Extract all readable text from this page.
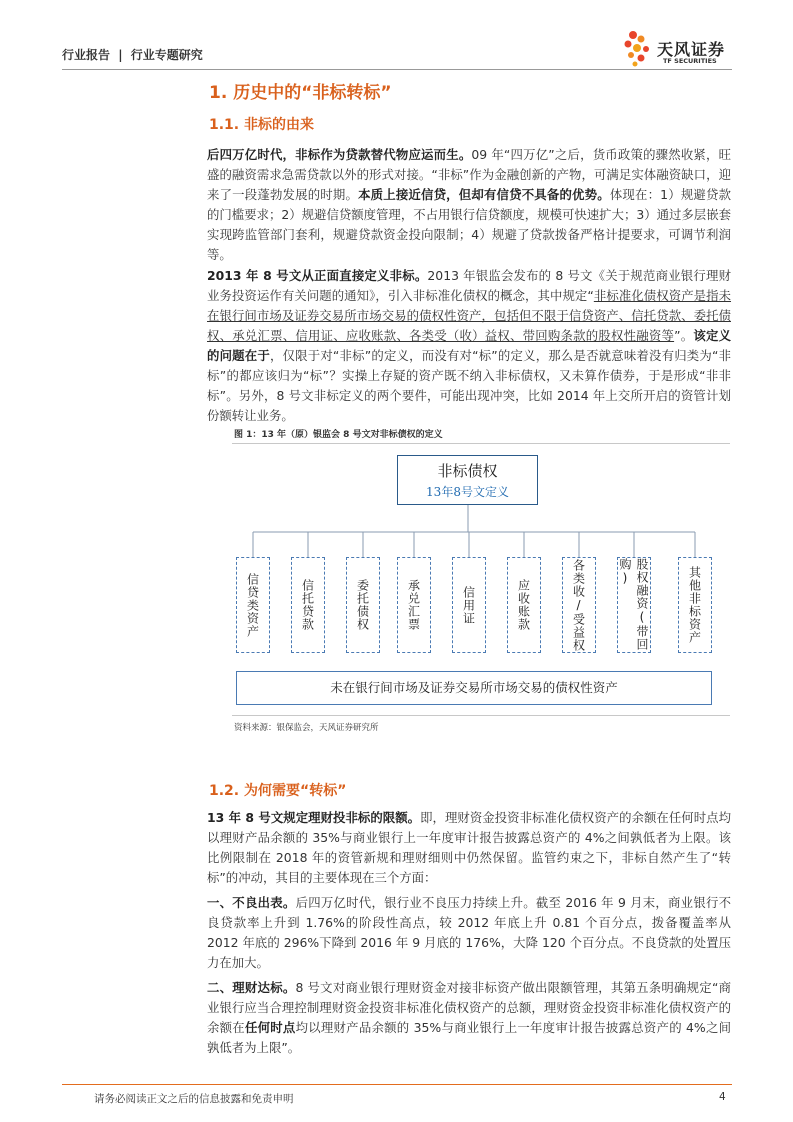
行业报告 | 行业专题研究	天风证券
TF SECURITIES
1. 历史中的“非标转标”
1.1. 非标的由来

后四万亿时代，非标作为贷款替代物应运而生。09 年“四万亿”之后，货币政策的骤然收紧，旺盛的融资需求急需贷款以外的形式对接。“非标”作为金融创新的产物，可满足实体融资缺口，迎来了一段蓬勃发展的时期。本质上接近信贷，但却有信贷不具备的优势。体现在：1）规避贷款的门槛要求；2）规避信贷额度管理，不占用银行信贷额度，规模可快速扩大；3）通过多层嵌套实现跨监管部门套利，规避贷款资金投向限制；4）规避了贷款拨备严格计提要求，可调节利润等。

2013 年 8 号文从正面直接定义非标。2013 年银监会发布的 8 号文《关于规范商业银行理财业务投资运作有关问题的通知》，引入非标准化债权的概念，其中规定“非标准化债权资产是指未在银行间市场及证券交易所市场交易的债权性资产，包括但不限于信贷资产、信托贷款、委托债权、承兑汇票、信用证、应收账款、各类受（收）益权、带回购条款的股权性融资等”。该定义的问题在于，仅限于对“非标”的定义，而没有对“标”的定义，那么是否就意味着没有归类为“非标”的都应该归为“标”？实操上存疑的资产既不纳入非标债权，又未算作债券，于是形成“非非标”。另外，8 号文非标定义的两个要件，可能出现冲突，比如 2014 年上交所开启的资管计划份额转让业务。

图 1：13 年（原）银监会 8 号文对非标债权的定义
非标债权
13年8号文定义
信贷类资产	信托贷款	委托债权	承兑汇票	信用证	应收账款	各类收/受益权	股权融资(带回购)	其他非标资产
未在银行间市场及证券交易所市场交易的债权性资产
资料来源：银保监会，天风证券研究所
1.2. 为何需要“转标”

13 年 8 号文规定理财投非标的限额。即，理财资金投资非标准化债权资产的余额在任何时点均以理财产品余额的 35%与商业银行上一年度审计报告披露总资产的 4%之间孰低者为上限。该比例限制在 2018 年的资管新规和理财细则中仍然保留。监管约束之下，非标自然产生了“转标”的冲动，其目的主要体现在三个方面：

一、不良出表。后四万亿时代，银行业不良压力持续上升。截至 2016 年 9 月末，商业银行不良贷款率上升到 1.76%的阶段性高点，较 2012 年底上升 0.81 个百分点，拨备覆盖率从 2012 年底的 296%下降到 2016 年 9 月底的 176%，大降 120 个百分点。不良贷款的处置压力在加大。

二、理财达标。8 号文对商业银行理财资金对接非标资产做出限额管理，其第五条明确规定“商业银行应当合理控制理财资金投资非标准化债权资产的总额，理财资金投资非标准化债权资产的余额在任何时点均以理财产品余额的 35%与商业银行上一年度审计报告披露总资产的 4%之间孰低者为上限”。

请务必阅读正文之后的信息披露和免责申明	4
